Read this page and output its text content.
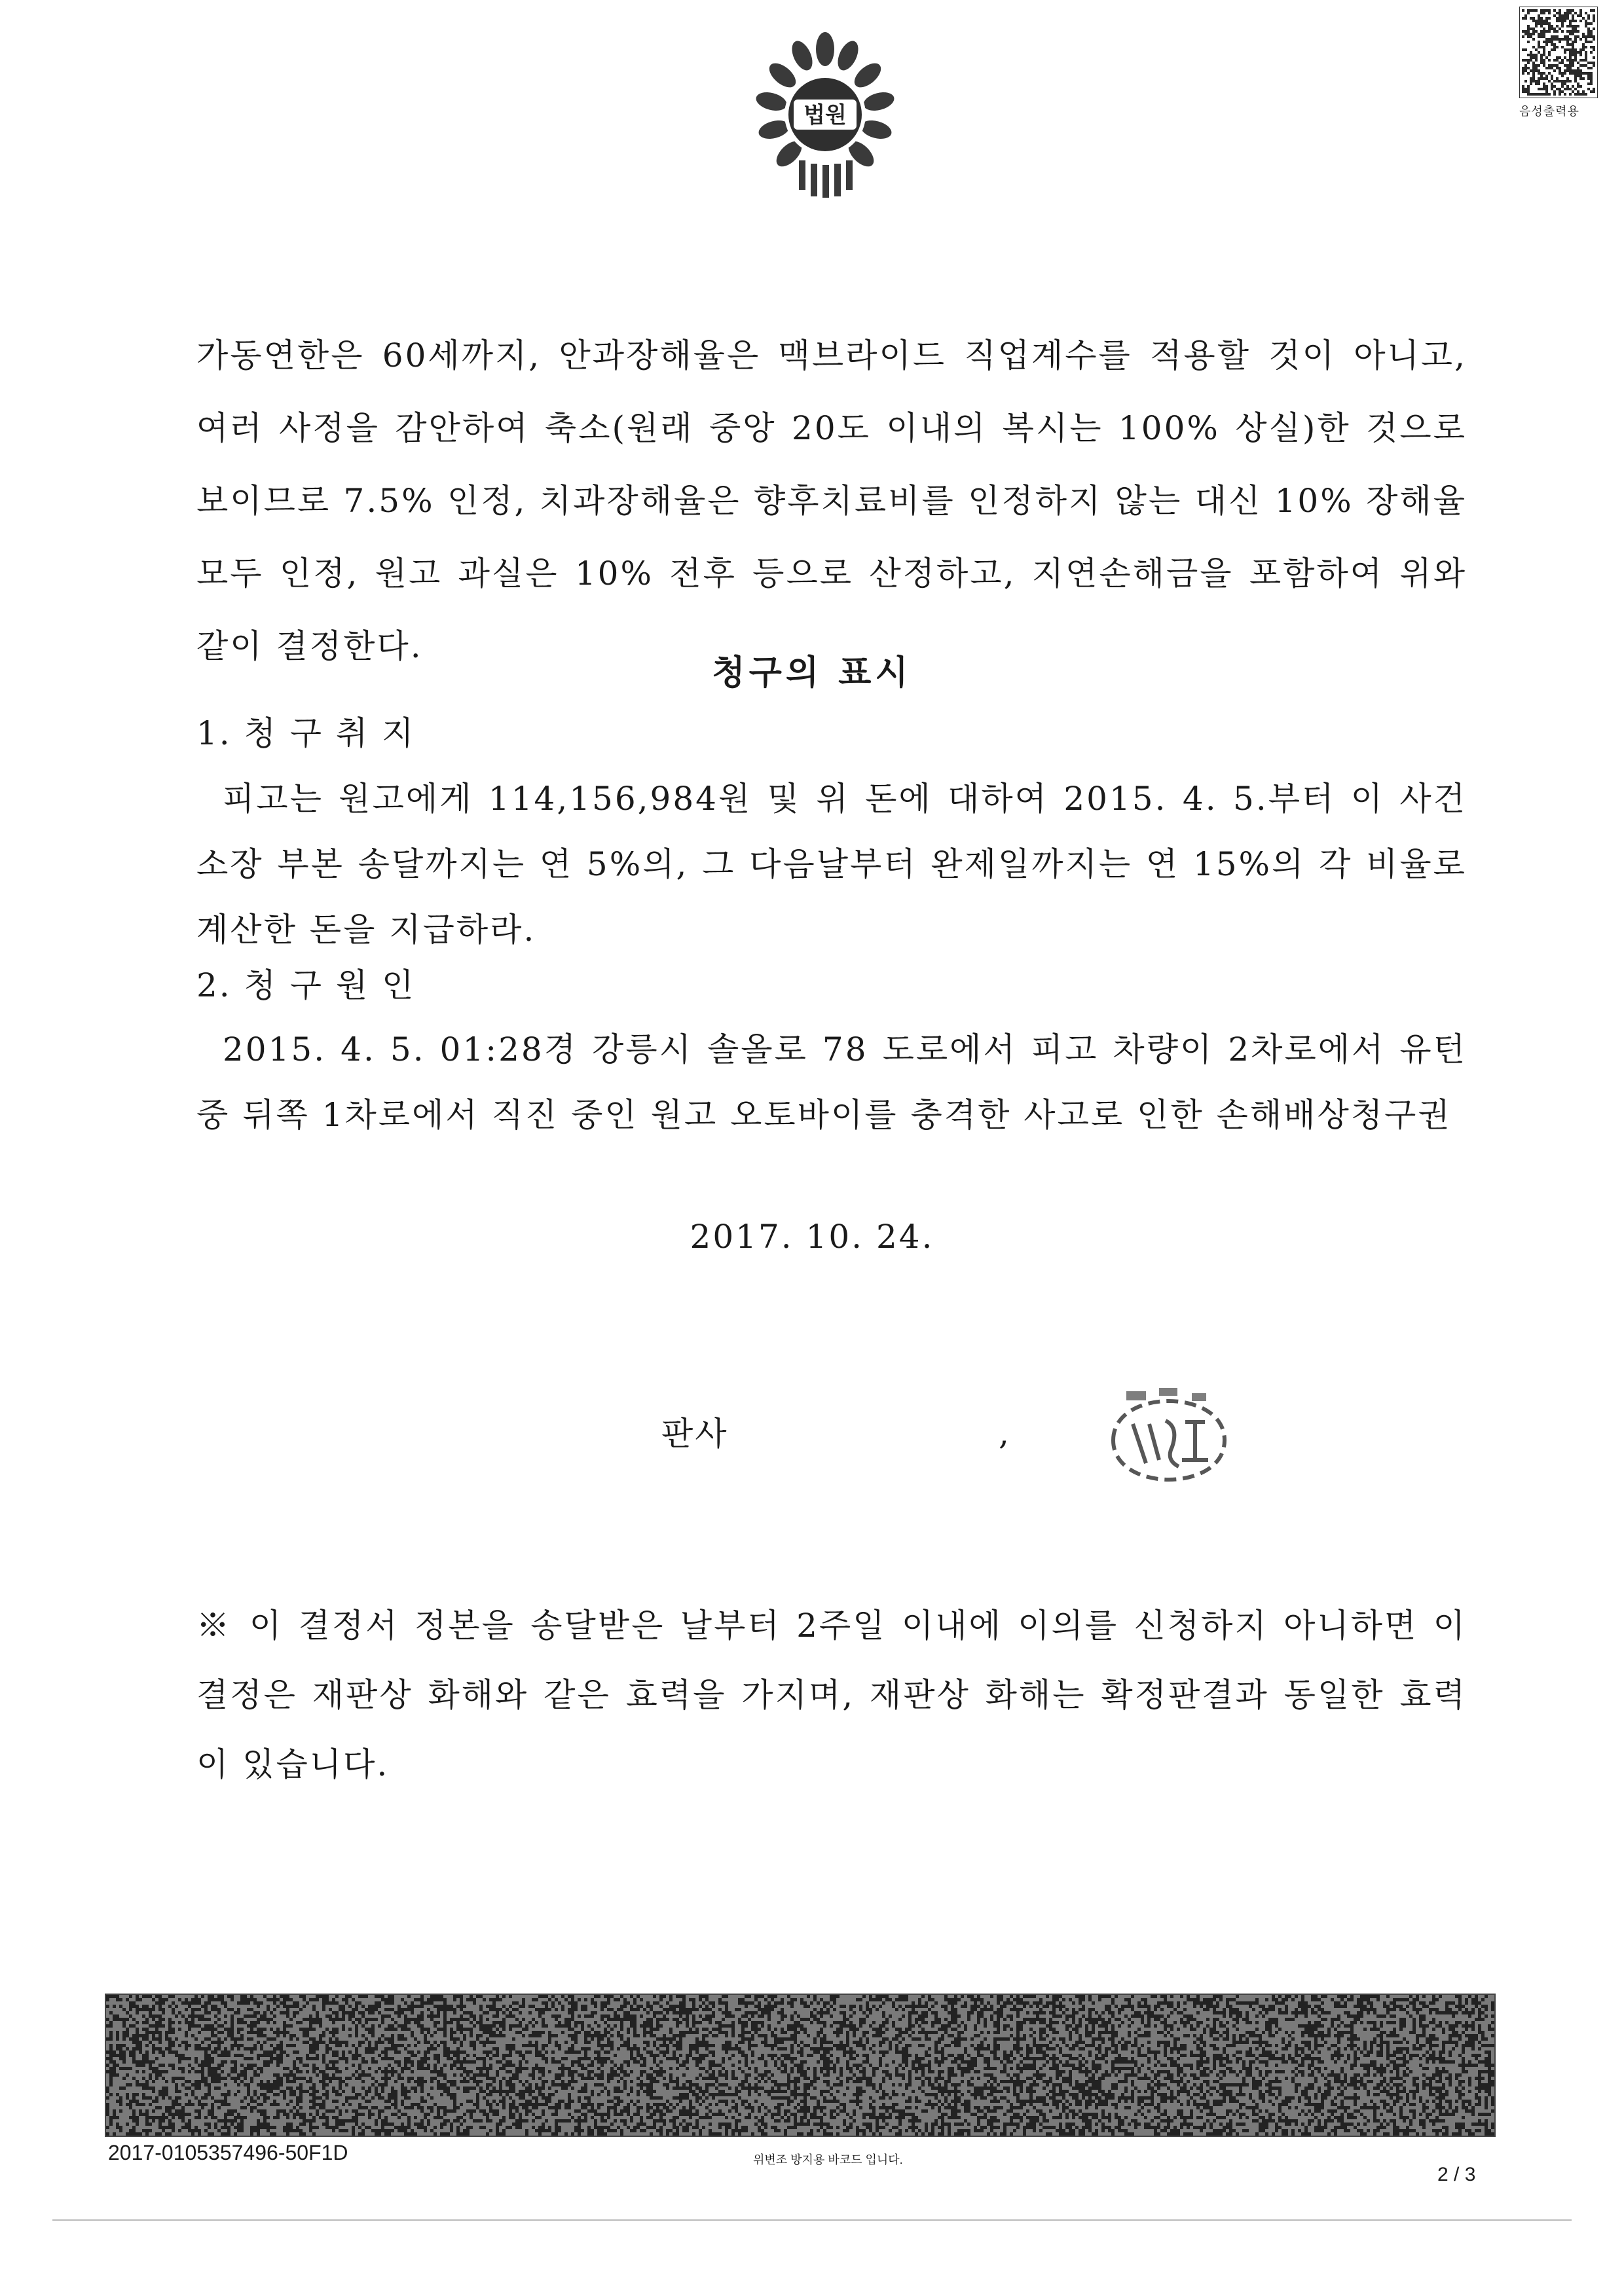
법원	음성출력용
가동연한은 60세까지, 안과장해율은 맥브라이드 직업계수를 적용할 것이 아니고, 여러 사정을 감안하여 축소(원래 중앙 20도 이내의 복시는 100% 상실)한 것으로 보이므로 7.5% 인정, 치과장해율은 향후치료비를 인정하지 않는 대신 10% 장해율 모두 인정, 원고 과실은 10% 전후 등으로 산정하고, 지연손해금을 포함하여 위와 같이 결정한다.
청구의 표시
1. 청 구 취 지
피고는 원고에게 114,156,984원 및 위 돈에 대하여 2015. 4. 5.부터 이 사건 소장 부본 송달까지는 연 5%의, 그 다음날부터 완제일까지는 연 15%의 각 비율로 계산한 돈을 지급하라.
2. 청 구 원 인
2015. 4. 5. 01:28경 강릉시 솔올로 78 도로에서 피고 차량이 2차로에서 유턴 중 뒤쪽 1차로에서 직진 중인 원고 오토바이를 충격한 사고로 인한 손해배상청구권
2017. 10. 24.
판사	,
※ 이 결정서 정본을 송달받은 날부터 2주일 이내에 이의를 신청하지 아니하면 이 결정은 재판상 화해와 같은 효력을 가지며, 재판상 화해는 확정판결과 동일한 효력이 있습니다.
2017-0105357496-50F1D	위변조 방지용 바코드 입니다.
2 / 3
